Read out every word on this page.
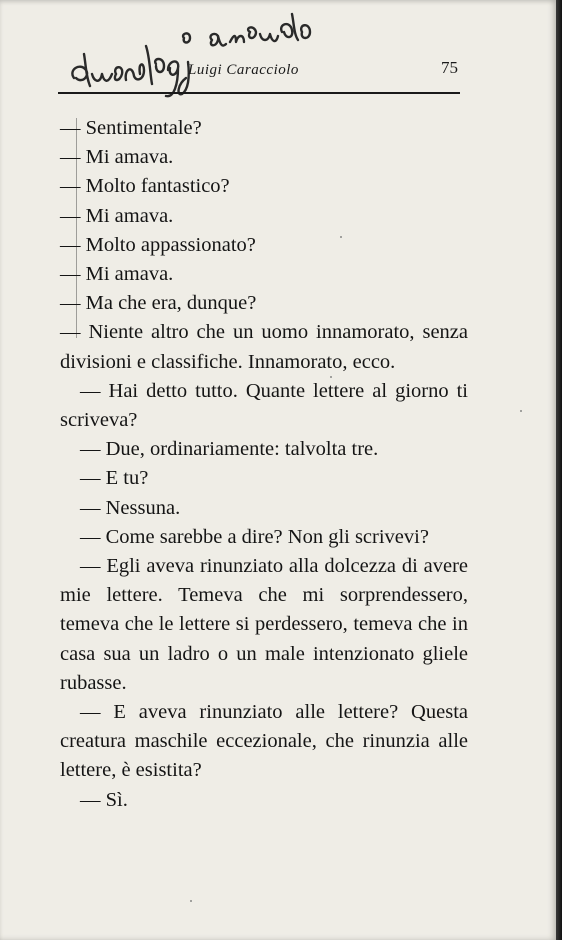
Luigi Caracciolo	75

— Sentimentale?

— Mi amava.

— Molto fantastico?

— Mi amava.

— Molto appassionato?

— Mi amava.

— Ma che era, dunque?

— Niente altro che un uomo innamorato, senza divisioni e classifiche. Innamorato, ecco.

— Hai detto tutto. Quante lettere al giorno ti scriveva?

— Due, ordinariamente: talvolta tre.

— E tu?

— Nessuna.

— Come sarebbe a dire? Non gli scrivevi?

— Egli aveva rinunziato alla dolcezza di avere mie lettere. Temeva che mi sorprendessero, temeva che le lettere si perdessero, temeva che in casa sua un ladro o un male intenzionato gliele rubasse.

— E aveva rinunziato alle lettere? Questa creatura maschile eccezionale, che rinunzia alle lettere, è esistita?

— Sì.
